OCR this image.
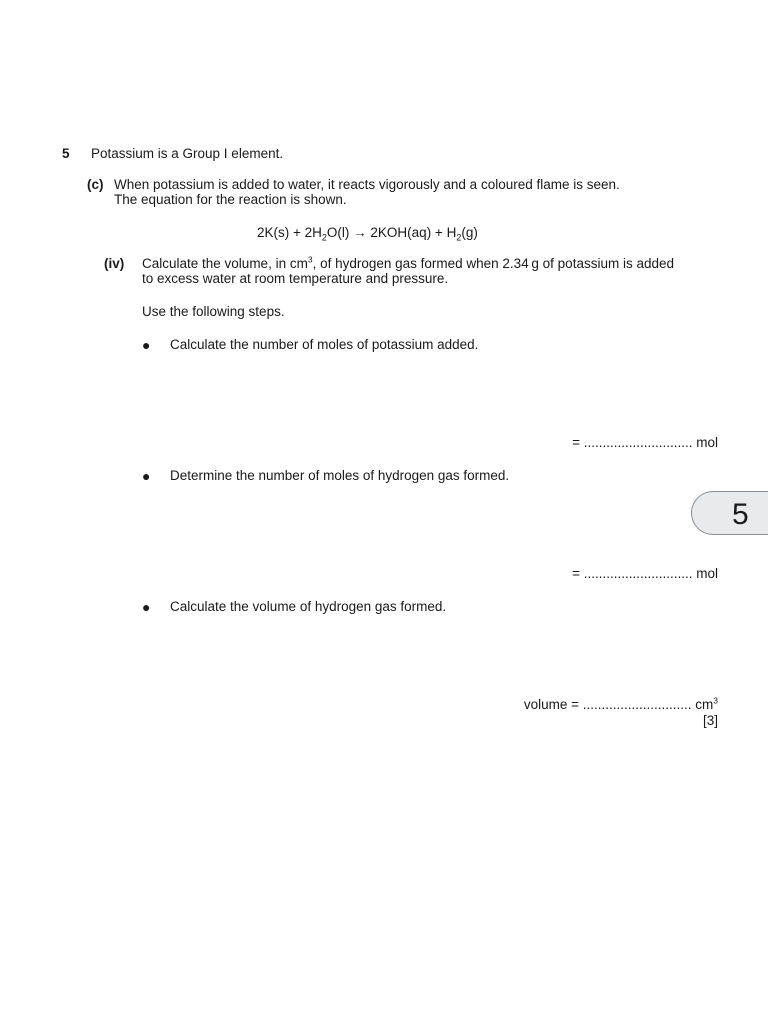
5 Potassium is a Group I element.
(c) When potassium is added to water, it reacts vigorously and a coloured flame is seen.
The equation for the reaction is shown.
$2K(s) + 2H_2O(l) \to 2KOH(aq) + H_2(g)$
(iv) Calculate the volume, in $cm^3$, of hydrogen gas formed when 2.34 g of potassium is added
to excess water at room temperature and pressure.
Use the following steps.
● Calculate the number of moles of potassium added.
= ............................. mol
● Determine the number of moles of hydrogen gas formed.
= ............................. mol
● Calculate the volume of hydrogen gas formed.
volume = ............................. $cm^3$
[3]
5
